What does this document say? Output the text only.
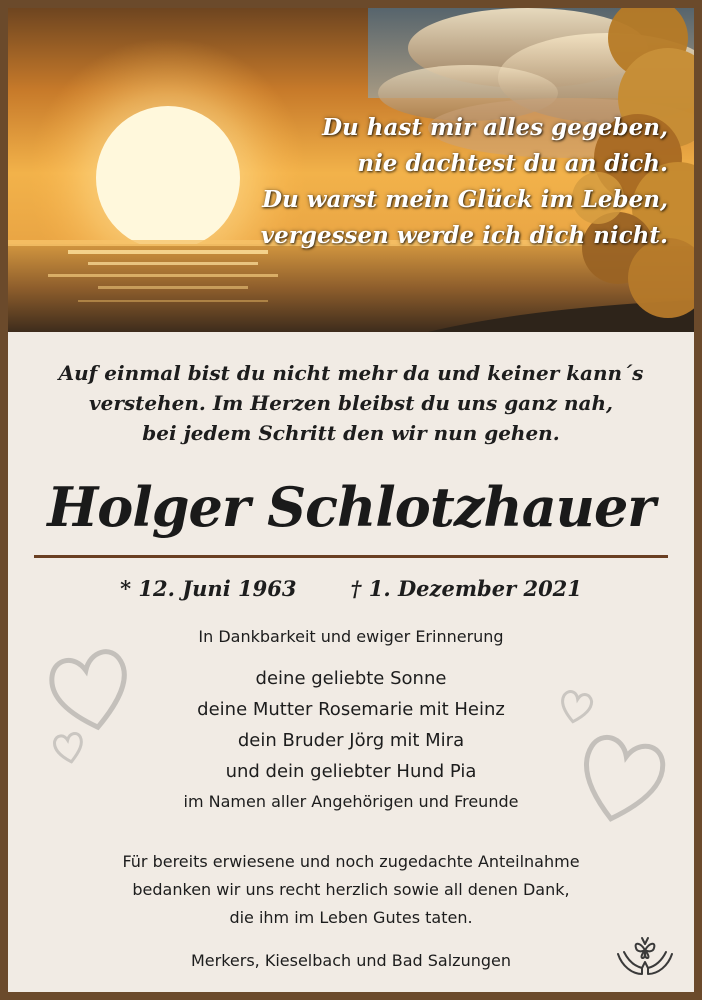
Du hast mir alles gegeben,
nie dachtest du an dich.
Du warst mein Glück im Leben,
vergessen werde ich dich nicht.
Auf einmal bist du nicht mehr da und keiner kann´s
verstehen. Im Herzen bleibst du uns ganz nah,
bei jedem Schritt den wir nun gehen.
Holger Schlotzhauer
* 12. Juni 1963	† 1. Dezember 2021
In Dankbarkeit und ewiger Erinnerung
deine geliebte Sonne
deine Mutter Rosemarie mit Heinz
dein Bruder Jörg mit Mira
und dein geliebter Hund Pia
im Namen aller Angehörigen und Freunde
Für bereits erwiesene und noch zugedachte Anteilnahme
bedanken wir uns recht herzlich sowie all denen Dank,
die ihm im Leben Gutes taten.
Merkers, Kieselbach und Bad Salzungen
